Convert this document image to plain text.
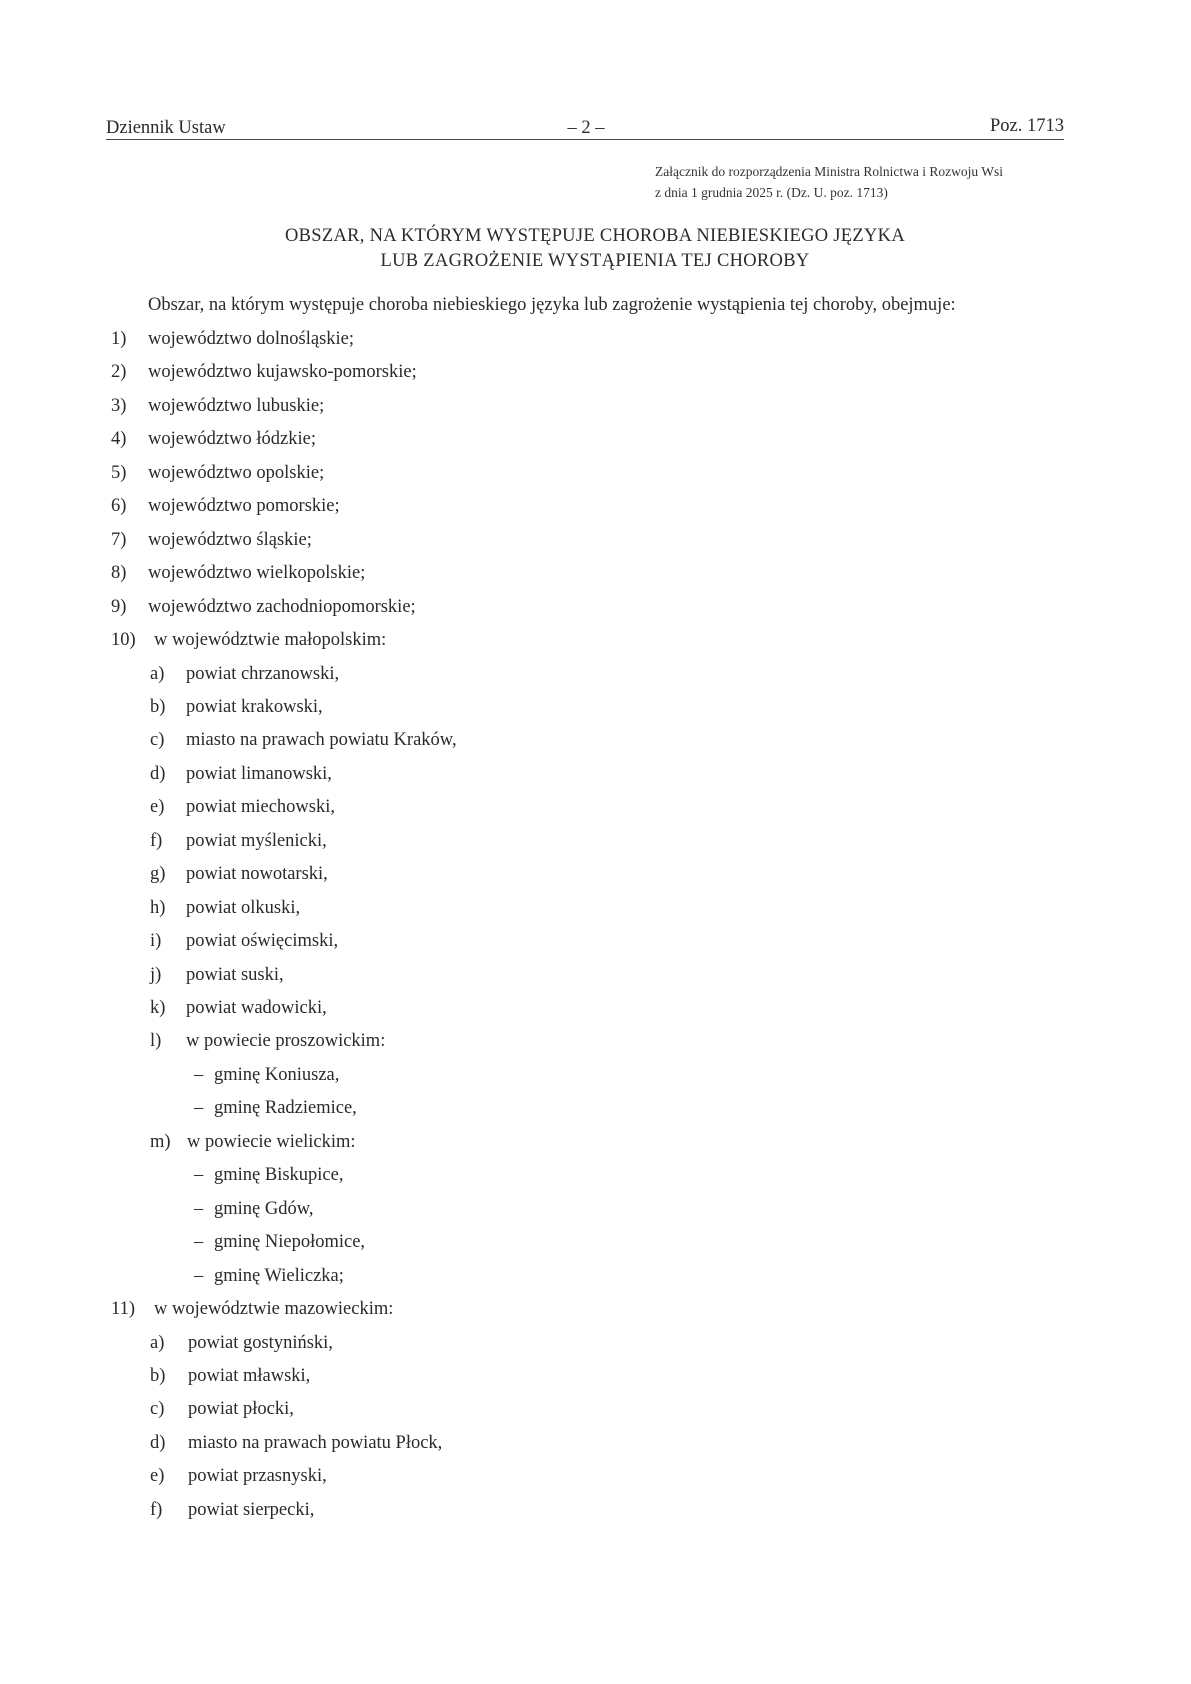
Dziennik Ustaw	– 2 –	Poz. 1713
Załącznik do rozporządzenia Ministra Rolnictwa i Rozwoju Wsi
z dnia 1 grudnia 2025 r. (Dz. U. poz. 1713)
OBSZAR, NA KTÓRYM WYSTĘPUJE CHOROBA NIEBIESKIEGO JĘZYKA
LUB ZAGROŻENIE WYSTĄPIENIA TEJ CHOROBY
Obszar, na którym występuje choroba niebieskiego języka lub zagrożenie wystąpienia tej choroby, obejmuje:
1) województwo dolnośląskie;
2) województwo kujawsko-pomorskie;
3) województwo lubuskie;
4) województwo łódzkie;
5) województwo opolskie;
6) województwo pomorskie;
7) województwo śląskie;
8) województwo wielkopolskie;
9) województwo zachodniopomorskie;
10) w województwie małopolskim:
a) powiat chrzanowski,
b) powiat krakowski,
c) miasto na prawach powiatu Kraków,
d) powiat limanowski,
e) powiat miechowski,
f) powiat myślenicki,
g) powiat nowotarski,
h) powiat olkuski,
i) powiat oświęcimski,
j) powiat suski,
k) powiat wadowicki,
l) w powiecie proszowickim:
– gminę Koniusza,
– gminę Radziemice,
m) w powiecie wielickim:
– gminę Biskupice,
– gminę Gdów,
– gminę Niepołomice,
– gminę Wieliczka;
11) w województwie mazowieckim:
a) powiat gostyniński,
b) powiat mławski,
c) powiat płocki,
d) miasto na prawach powiatu Płock,
e) powiat przasnyski,
f) powiat sierpecki,
